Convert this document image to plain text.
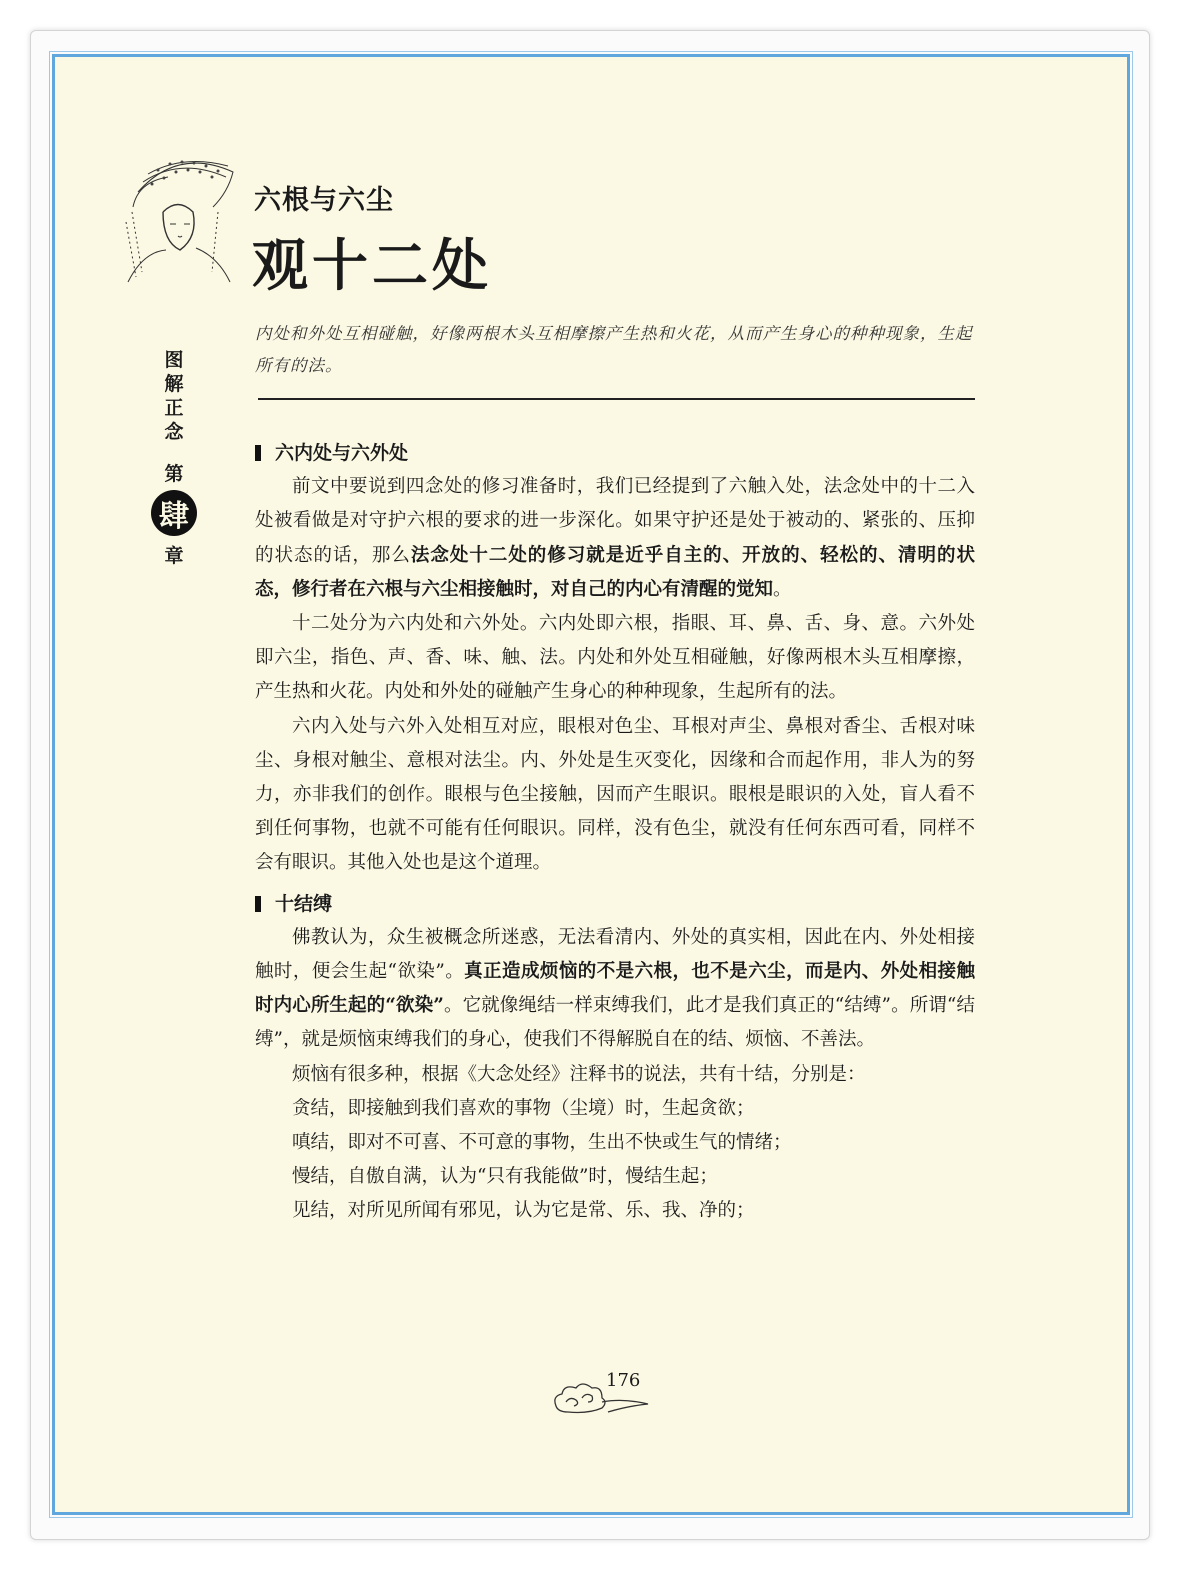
六根与六尘
观十二处
图
解
正
念
第
肆
章
内处和外处互相碰触，好像两根木头互相摩擦产生热和火花，从而产生身心的种种现象，生起所有的法。
六内处与六外处

前文中要说到四念处的修习准备时，我们已经提到了六触入处，法念处中的十二入处被看做是对守护六根的要求的进一步深化。如果守护还是处于被动的、紧张的、压抑的状态的话，那么法念处十二处的修习就是近乎自主的、开放的、轻松的、清明的状态，修行者在六根与六尘相接触时，对自己的内心有清醒的觉知。

十二处分为六内处和六外处。六内处即六根，指眼、耳、鼻、舌、身、意。六外处即六尘，指色、声、香、味、触、法。内处和外处互相碰触，好像两根木头互相摩擦，产生热和火花。内处和外处的碰触产生身心的种种现象，生起所有的法。

六内入处与六外入处相互对应，眼根对色尘、耳根对声尘、鼻根对香尘、舌根对味尘、身根对触尘、意根对法尘。内、外处是生灭变化，因缘和合而起作用，非人为的努力，亦非我们的创作。眼根与色尘接触，因而产生眼识。眼根是眼识的入处，盲人看不到任何事物，也就不可能有任何眼识。同样，没有色尘，就没有任何东西可看，同样不会有眼识。其他入处也是这个道理。

十结缚

佛教认为，众生被概念所迷惑，无法看清内、外处的真实相，因此在内、外处相接触时，便会生起“欲染”。真正造成烦恼的不是六根，也不是六尘，而是内、外处相接触时内心所生起的“欲染”。它就像绳结一样束缚我们，此才是我们真正的“结缚”。所谓“结缚”，就是烦恼束缚我们的身心，使我们不得解脱自在的结、烦恼、不善法。

烦恼有很多种，根据《大念处经》注释书的说法，共有十结，分别是：

贪结，即接触到我们喜欢的事物（尘境）时，生起贪欲；

嗔结，即对不可喜、不可意的事物，生出不快或生气的情绪；

慢结，自傲自满，认为“只有我能做”时，慢结生起；

见结，对所见所闻有邪见，认为它是常、乐、我、净的；

176
